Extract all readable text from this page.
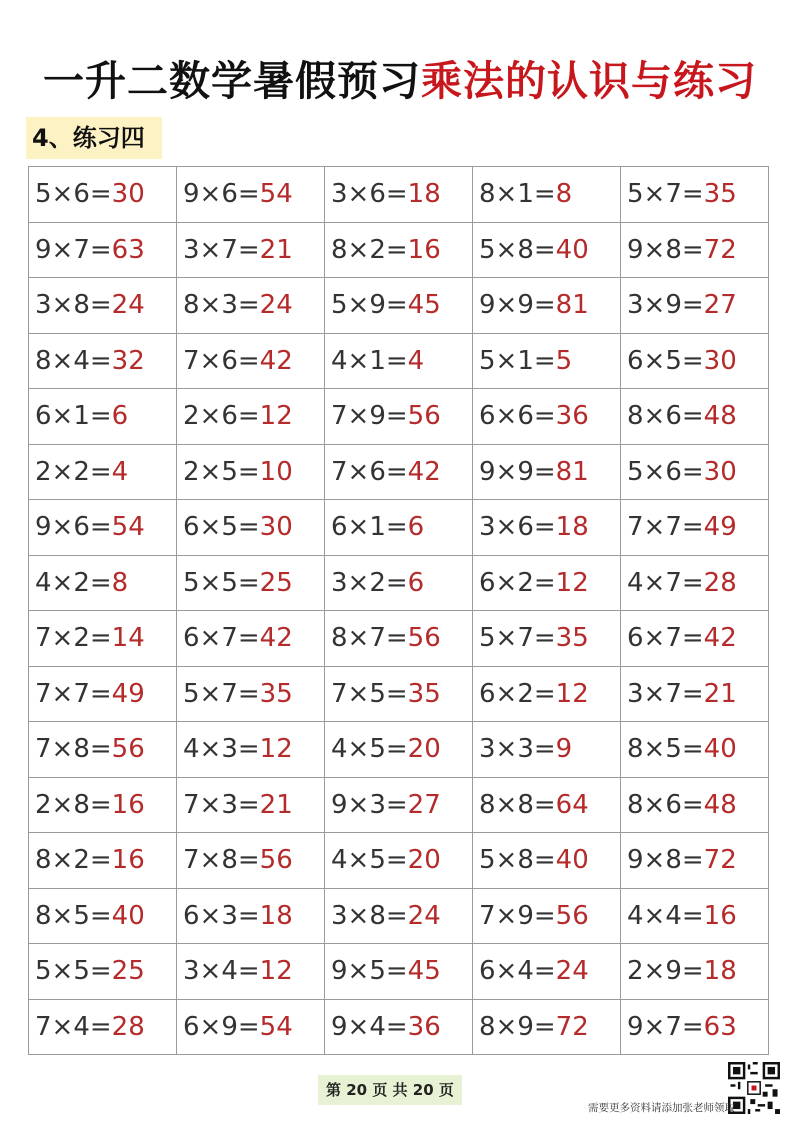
一升二数学暑假预习乘法的认识与练习
4、练习四
5×6=30	9×6=54	3×6=18	8×1=8	5×7=35
9×7=63	3×7=21	8×2=16	5×8=40	9×8=72
3×8=24	8×3=24	5×9=45	9×9=81	3×9=27
8×4=32	7×6=42	4×1=4	5×1=5	6×5=30
6×1=6	2×6=12	7×9=56	6×6=36	8×6=48
2×2=4	2×5=10	7×6=42	9×9=81	5×6=30
9×6=54	6×5=30	6×1=6	3×6=18	7×7=49
4×2=8	5×5=25	3×2=6	6×2=12	4×7=28
7×2=14	6×7=42	8×7=56	5×7=35	6×7=42
7×7=49	5×7=35	7×5=35	6×2=12	3×7=21
7×8=56	4×3=12	4×5=20	3×3=9	8×5=40
2×8=16	7×3=21	9×3=27	8×8=64	8×6=48
8×2=16	7×8=56	4×5=20	5×8=40	9×8=72
8×5=40	6×3=18	3×8=24	7×9=56	4×4=16
5×5=25	3×4=12	9×5=45	6×4=24	2×9=18
7×4=28	6×9=54	9×4=36	8×9=72	9×7=63
第 20 页 共 20 页
需要更多资料请添加张老师领取
